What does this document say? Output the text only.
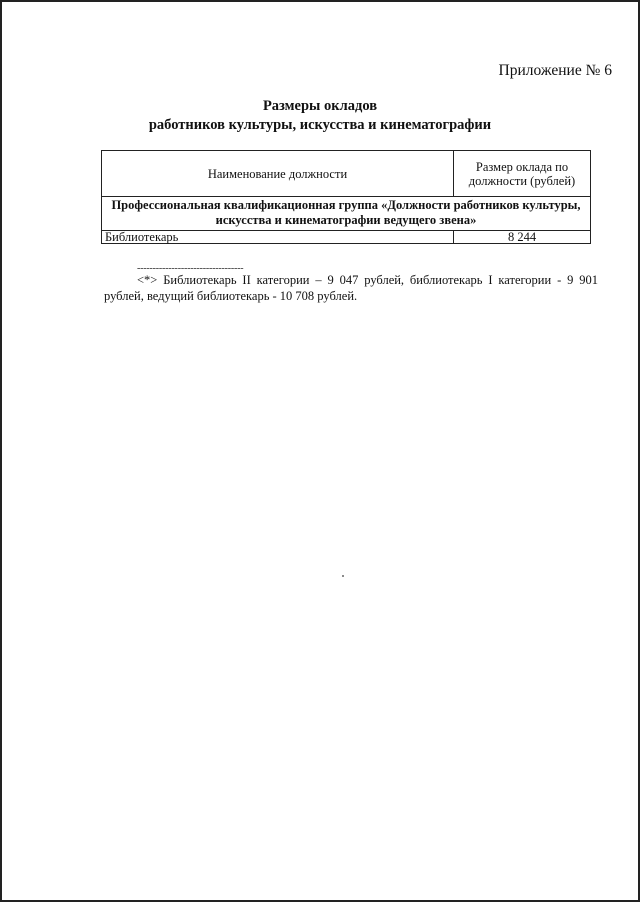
Приложение № 6
Размеры окладов
работников культуры, искусства и кинематографии
Наименование должности	Размер оклада по должности (рублей)
Профессиональная квалификационная группа «Должности работников культуры, искусства и кинематографии ведущего звена»	
Библиотекарь	8 244
----------------------------------
<*> Библиотекарь II категории – 9 047 рублей, библиотекарь I категории - 9 901 рублей, ведущий библиотекарь - 10 708 рублей.
